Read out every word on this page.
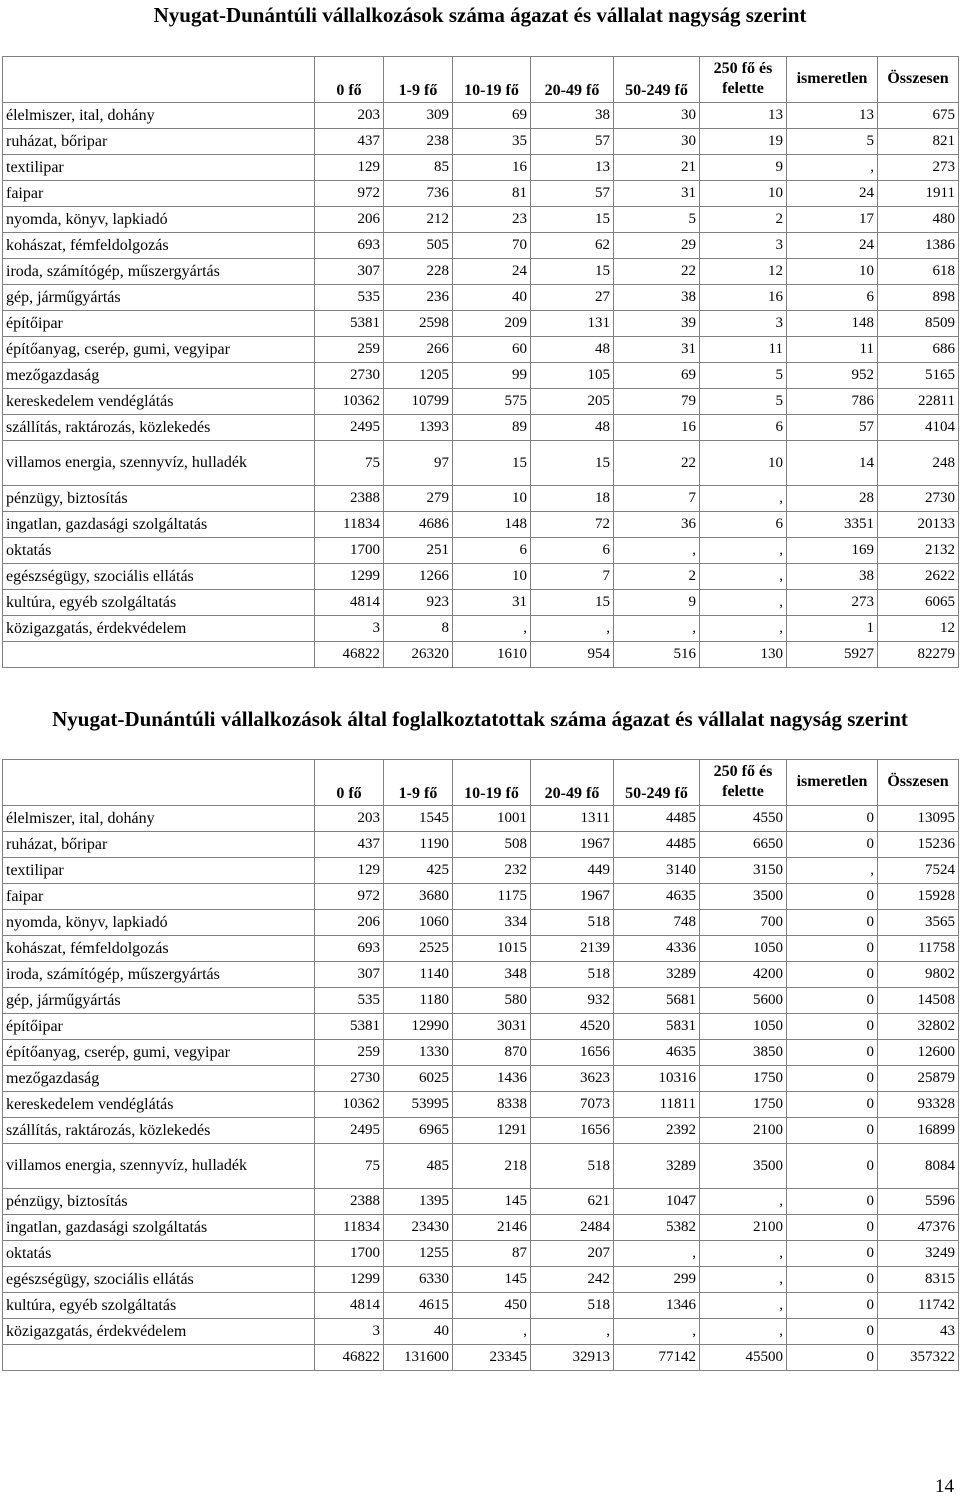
Nyugat-Dunántúli vállalkozások száma ágazat és vállalat nagyság szerint
	0 fő	1-9 fő	10-19 fő	20-49 fő	50-249 fő	250 fő és felette	ismeretlen	Összesen
élelmiszer, ital, dohány	203	309	69	38	30	13	13	675
ruházat, bőripar	437	238	35	57	30	19	5	821
textilipar	129	85	16	13	21	9	,	273
faipar	972	736	81	57	31	10	24	1911
nyomda, könyv, lapkiadó	206	212	23	15	5	2	17	480
kohászat, fémfeldolgozás	693	505	70	62	29	3	24	1386
iroda, számítógép, műszergyártás	307	228	24	15	22	12	10	618
gép, járműgyártás	535	236	40	27	38	16	6	898
építőipar	5381	2598	209	131	39	3	148	8509
építőanyag, cserép, gumi, vegyipar	259	266	60	48	31	11	11	686
mezőgazdaság	2730	1205	99	105	69	5	952	5165
kereskedelem vendéglátás	10362	10799	575	205	79	5	786	22811
szállítás, raktározás, közlekedés	2495	1393	89	48	16	6	57	4104
villamos energia, szennyvíz, hulladék	75	97	15	15	22	10	14	248
pénzügy, biztosítás	2388	279	10	18	7	,	28	2730
ingatlan, gazdasági szolgáltatás	11834	4686	148	72	36	6	3351	20133
oktatás	1700	251	6	6	,	,	169	2132
egészségügy, szociális ellátás	1299	1266	10	7	2	,	38	2622
kultúra, egyéb szolgáltatás	4814	923	31	15	9	,	273	6065
közigazgatás, érdekvédelem	3	8	,	,	,	,	1	12
	46822	26320	1610	954	516	130	5927	82279
Nyugat-Dunántúli vállalkozások által foglalkoztatottak száma ágazat és vállalat nagyság szerint
	0 fő	1-9 fő	10-19 fő	20-49 fő	50-249 fő	250 fő és felette	ismeretlen	Összesen
élelmiszer, ital, dohány	203	1545	1001	1311	4485	4550	0	13095
ruházat, bőripar	437	1190	508	1967	4485	6650	0	15236
textilipar	129	425	232	449	3140	3150	,	7524
faipar	972	3680	1175	1967	4635	3500	0	15928
nyomda, könyv, lapkiadó	206	1060	334	518	748	700	0	3565
kohászat, fémfeldolgozás	693	2525	1015	2139	4336	1050	0	11758
iroda, számítógép, műszergyártás	307	1140	348	518	3289	4200	0	9802
gép, járműgyártás	535	1180	580	932	5681	5600	0	14508
építőipar	5381	12990	3031	4520	5831	1050	0	32802
építőanyag, cserép, gumi, vegyipar	259	1330	870	1656	4635	3850	0	12600
mezőgazdaság	2730	6025	1436	3623	10316	1750	0	25879
kereskedelem vendéglátás	10362	53995	8338	7073	11811	1750	0	93328
szállítás, raktározás, közlekedés	2495	6965	1291	1656	2392	2100	0	16899
villamos energia, szennyvíz, hulladék	75	485	218	518	3289	3500	0	8084
pénzügy, biztosítás	2388	1395	145	621	1047	,	0	5596
ingatlan, gazdasági szolgáltatás	11834	23430	2146	2484	5382	2100	0	47376
oktatás	1700	1255	87	207	,	,	0	3249
egészségügy, szociális ellátás	1299	6330	145	242	299	,	0	8315
kultúra, egyéb szolgáltatás	4814	4615	450	518	1346	,	0	11742
közigazgatás, érdekvédelem	3	40	,	,	,	,	0	43
	46822	131600	23345	32913	77142	45500	0	357322
14
